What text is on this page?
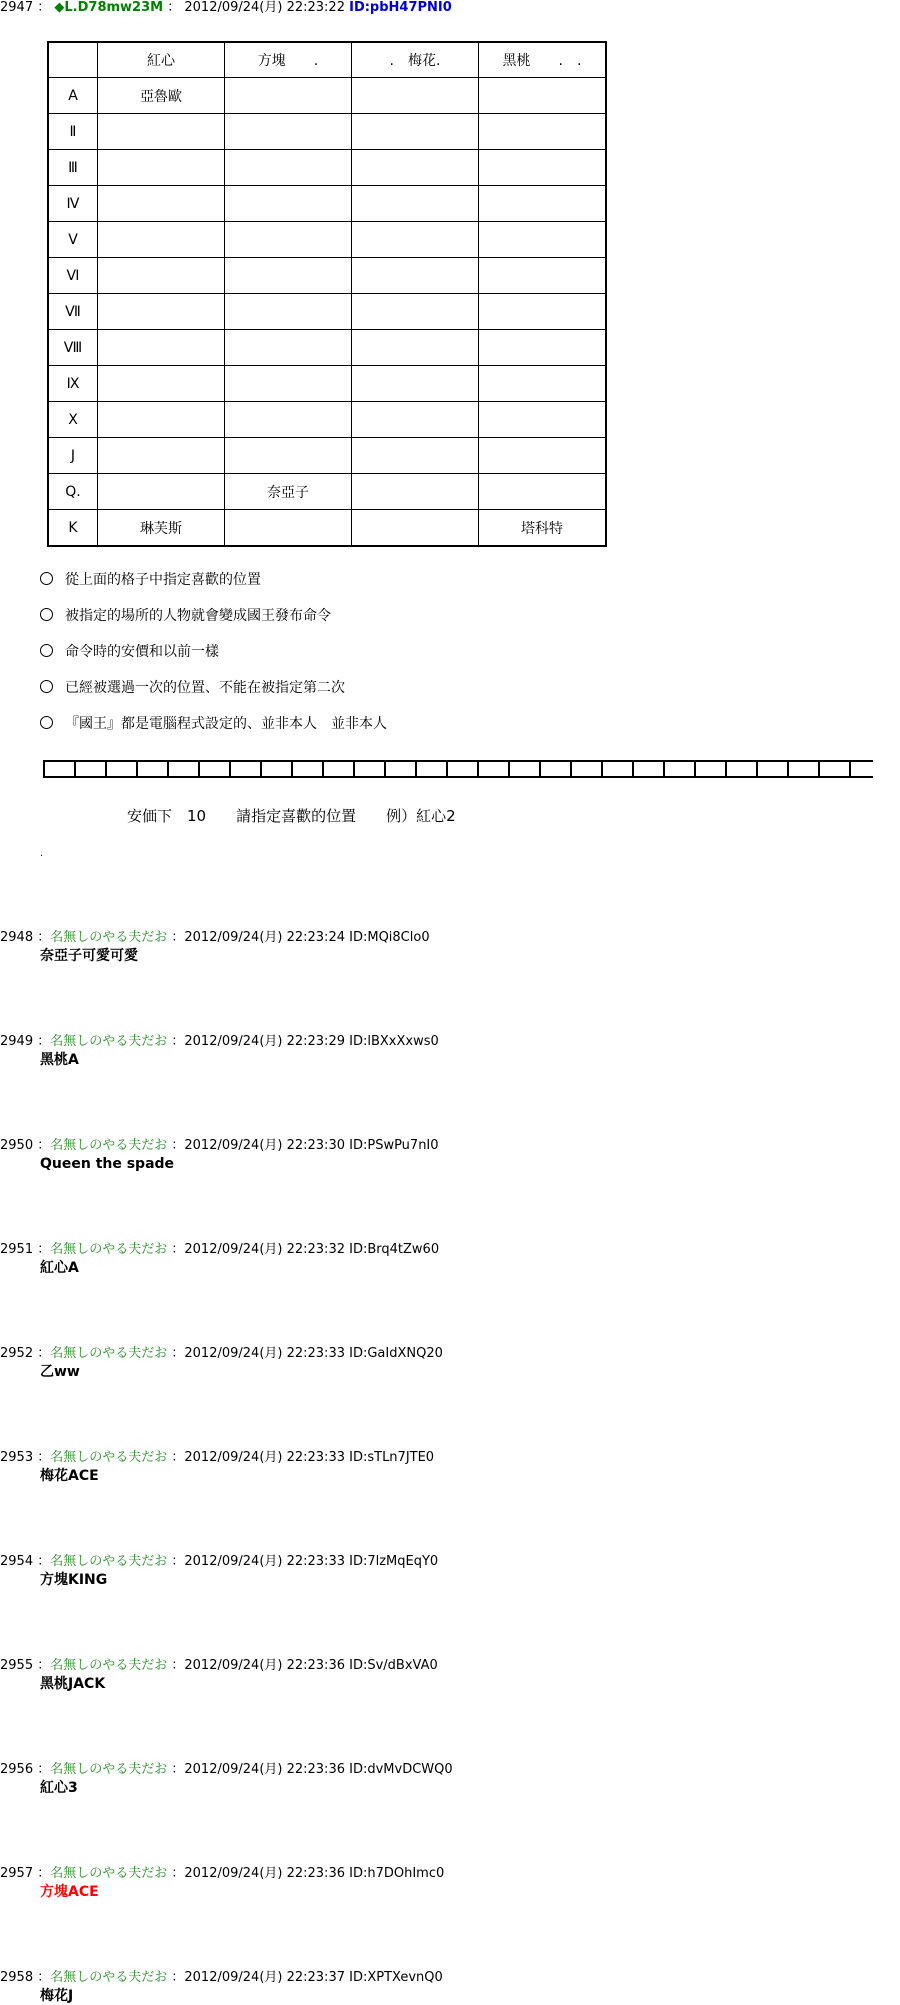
2947 ： ◆L.D78mw23M ： 2012/09/24(月) 22:23:22 ID:pbH47PNI0
	紅心	方塊　　.	.　梅花.	黑桃　　.　.
A	亞魯歐			
Ⅱ				
Ⅲ				
Ⅳ				
Ⅴ				
Ⅵ				
Ⅶ				
Ⅷ				
Ⅸ				
Ⅹ				
J				
Q.		奈亞子		
K	琳芙斯			塔科特
從上面的格子中指定喜歡的位置
被指定的場所的人物就會變成國王發布命令
命令時的安價和以前一樣
已經被選過一次的位置、不能在被指定第二次
『國王』都是電腦程式設定的、並非本人　並非本人
安価下　10　　請指定喜歡的位置　　例）紅心2
.
2948 ：名無しのやる夫だお ：2012/09/24(月) 22:23:24 ID:MQi8Clo0
奈亞子可愛可愛
2949 ：名無しのやる夫だお ：2012/09/24(月) 22:23:29 ID:lBXxXxws0
黑桃A
2950 ：名無しのやる夫だお ：2012/09/24(月) 22:23:30 ID:PSwPu7nI0
Queen the spade
2951 ：名無しのやる夫だお ：2012/09/24(月) 22:23:32 ID:Brq4tZw60
紅心A
2952 ：名無しのやる夫だお ：2012/09/24(月) 22:23:33 ID:GaIdXNQ20
乙ww
2953 ：名無しのやる夫だお ：2012/09/24(月) 22:23:33 ID:sTLn7JTE0
梅花ACE
2954 ：名無しのやる夫だお ：2012/09/24(月) 22:23:33 ID:7lzMqEqY0
方塊KING
2955 ：名無しのやる夫だお ：2012/09/24(月) 22:23:36 ID:Sv/dBxVA0
黑桃JACK
2956 ：名無しのやる夫だお ：2012/09/24(月) 22:23:36 ID:dvMvDCWQ0
紅心3
2957 ：名無しのやる夫だお ：2012/09/24(月) 22:23:36 ID:h7DOhImc0
方塊ACE
2958 ：名無しのやる夫だお ：2012/09/24(月) 22:23:37 ID:XPTXevnQ0
梅花J
